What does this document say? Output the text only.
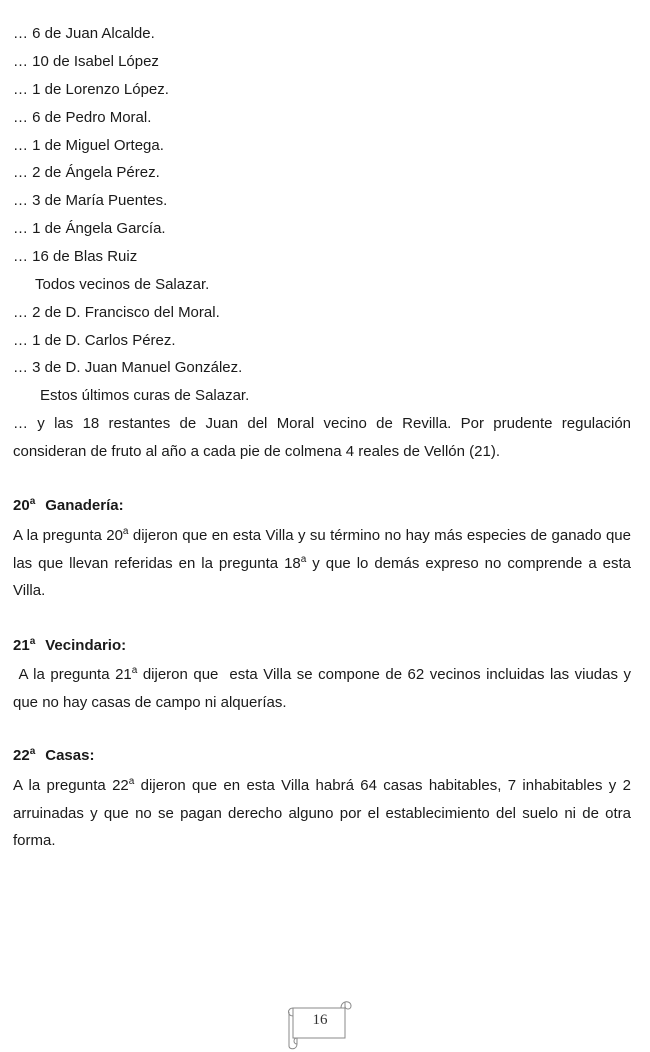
… 6 de Juan Alcalde.
… 10 de Isabel López
… 1 de Lorenzo López.
… 6 de Pedro Moral.
… 1 de Miguel Ortega.
… 2 de Ángela Pérez.
… 3 de María Puentes.
… 1 de Ángela García.
… 16 de Blas Ruiz
Todos vecinos de Salazar.
… 2 de D. Francisco del Moral.
… 1 de D. Carlos Pérez.
… 3 de D. Juan Manuel González.
Estos últimos curas de Salazar.
… y las 18 restantes de Juan del Moral vecino de Revilla. Por prudente regulación consideran de fruto al año a cada pie de colmena 4 reales de Vellón (21).
20$^a$ Ganadería:
A la pregunta 20$^a$ dijeron que en esta Villa y su término no hay más especies de ganado que las que llevan referidas en la pregunta 18$^a$ y que lo demás expreso no comprende a esta Villa.
21$^a$ Vecindario:
A la pregunta 21$^a$ dijeron que  esta Villa se compone de 62 vecinos incluidas las viudas y que no hay casas de campo ni alquerías.
22$^a$ Casas:
A la pregunta 22$^a$ dijeron que en esta Villa habrá 64 casas habitables, 7 inhabitables y 2 arruinadas y que no se pagan derecho alguno por el establecimiento del suelo ni de otra forma.
16
